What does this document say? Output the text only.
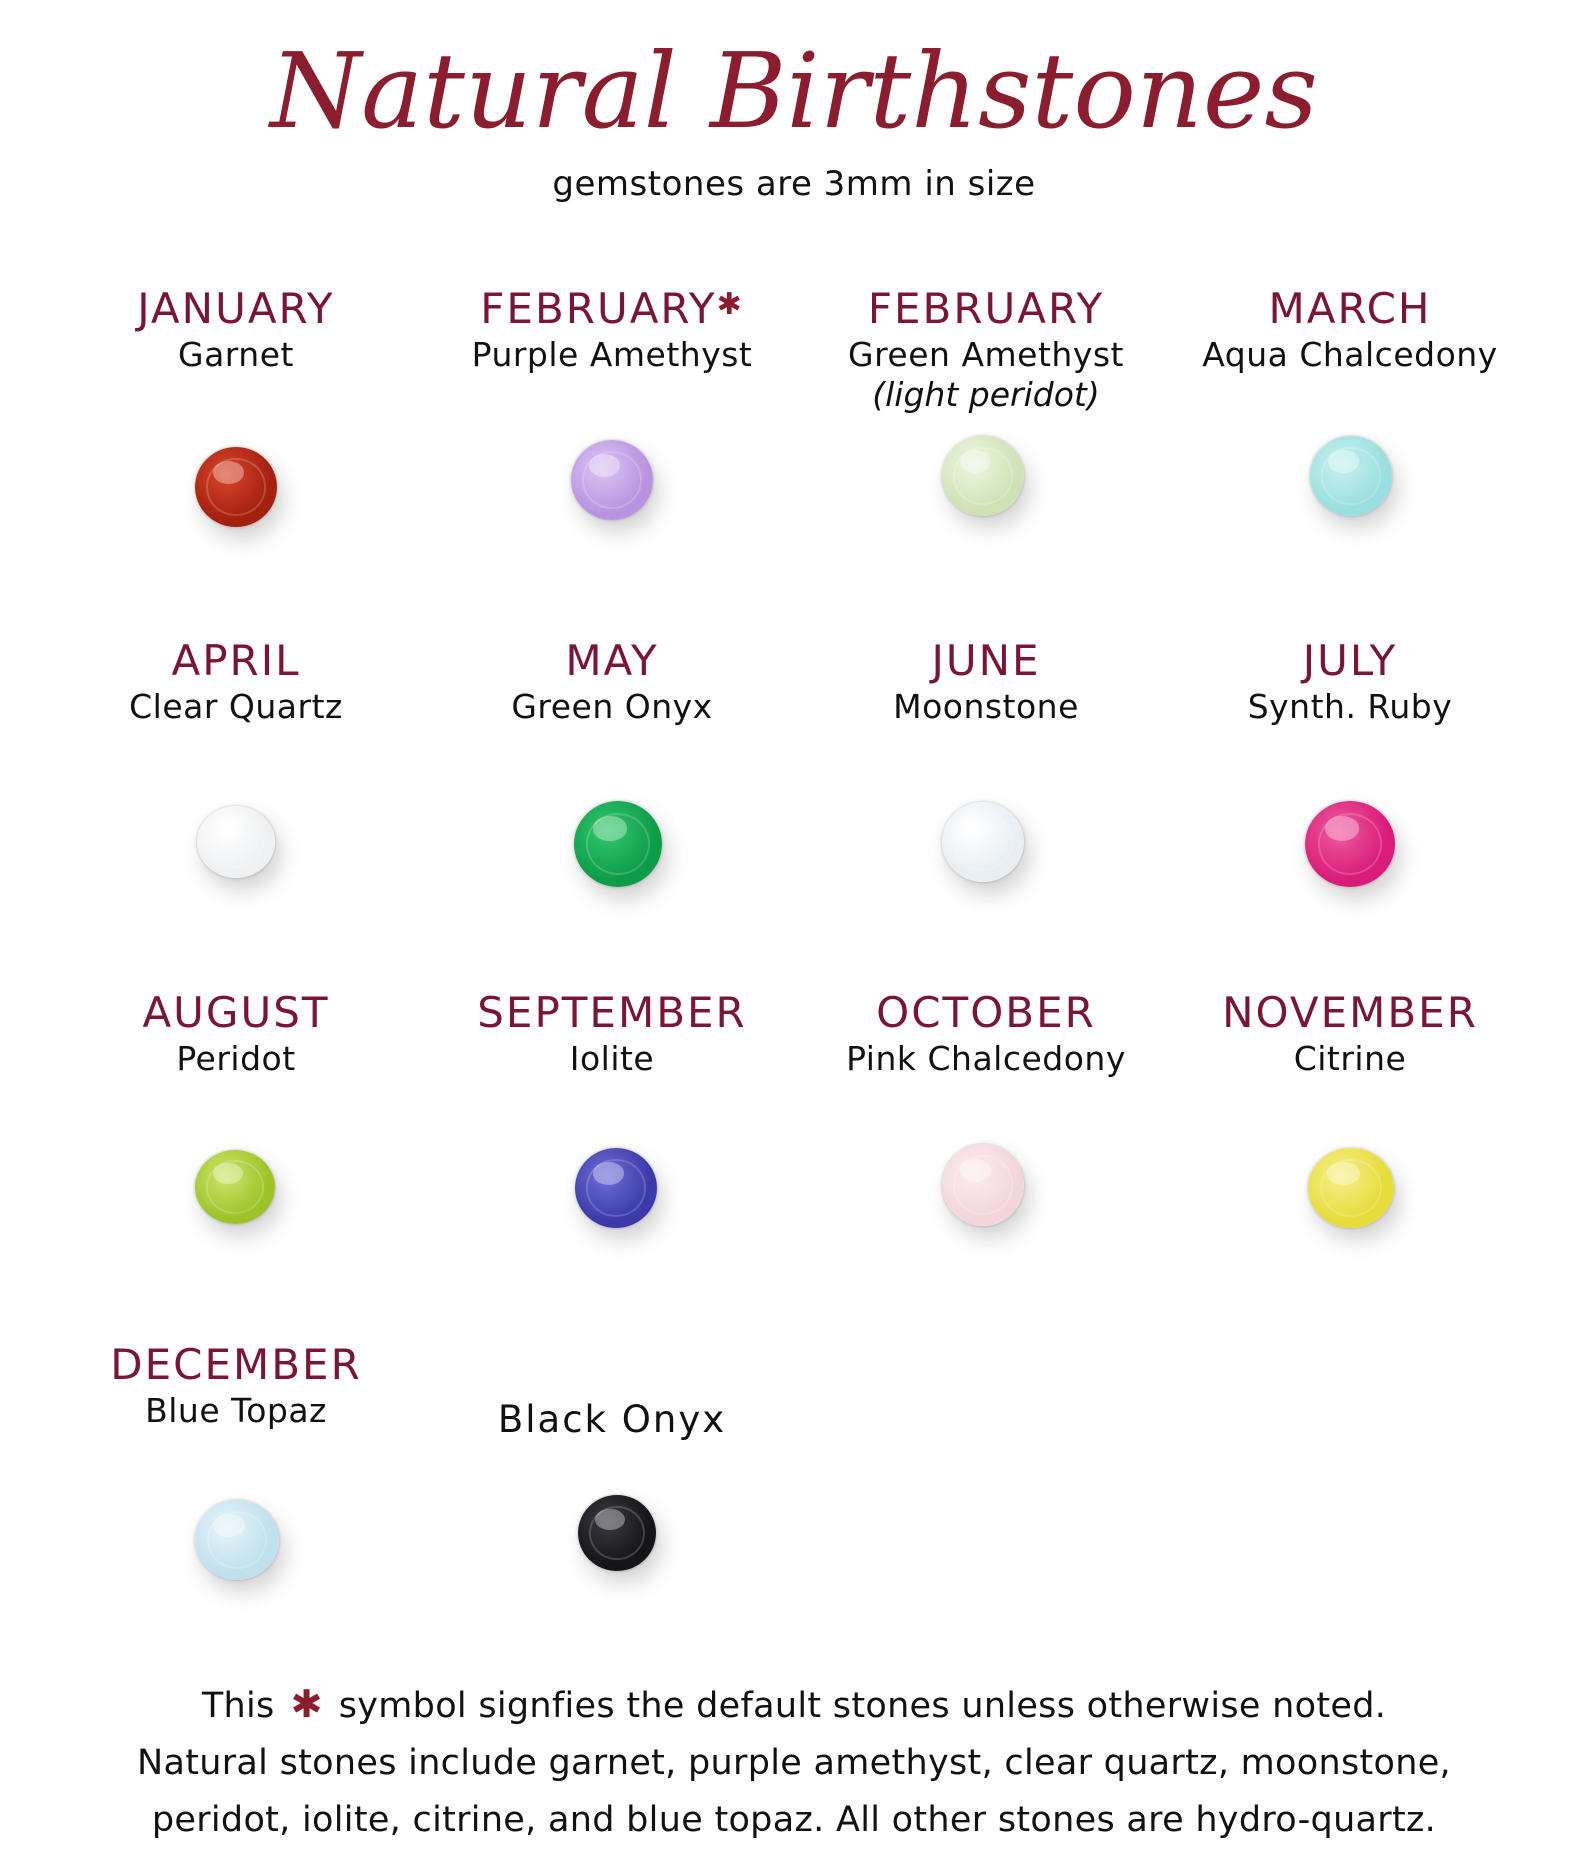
Natural Birthstones
gemstones are 3mm in size
JANUARY
Garnet
FEBRUARY✱
Purple Amethyst
FEBRUARY
Green Amethyst
(light peridot)
MARCH
Aqua Chalcedony
APRIL
Clear Quartz
MAY
Green Onyx
JUNE
Moonstone
JULY
Synth. Ruby
AUGUST
Peridot
SEPTEMBER
Iolite
OCTOBER
Pink Chalcedony
NOVEMBER
Citrine
DECEMBER
Blue Topaz	Black Onyx
This ✱ symbol signfies the default stones unless otherwise noted.
Natural stones include garnet, purple amethyst, clear quartz, moonstone,
peridot, iolite, citrine, and blue topaz. All other stones are hydro-quartz.
